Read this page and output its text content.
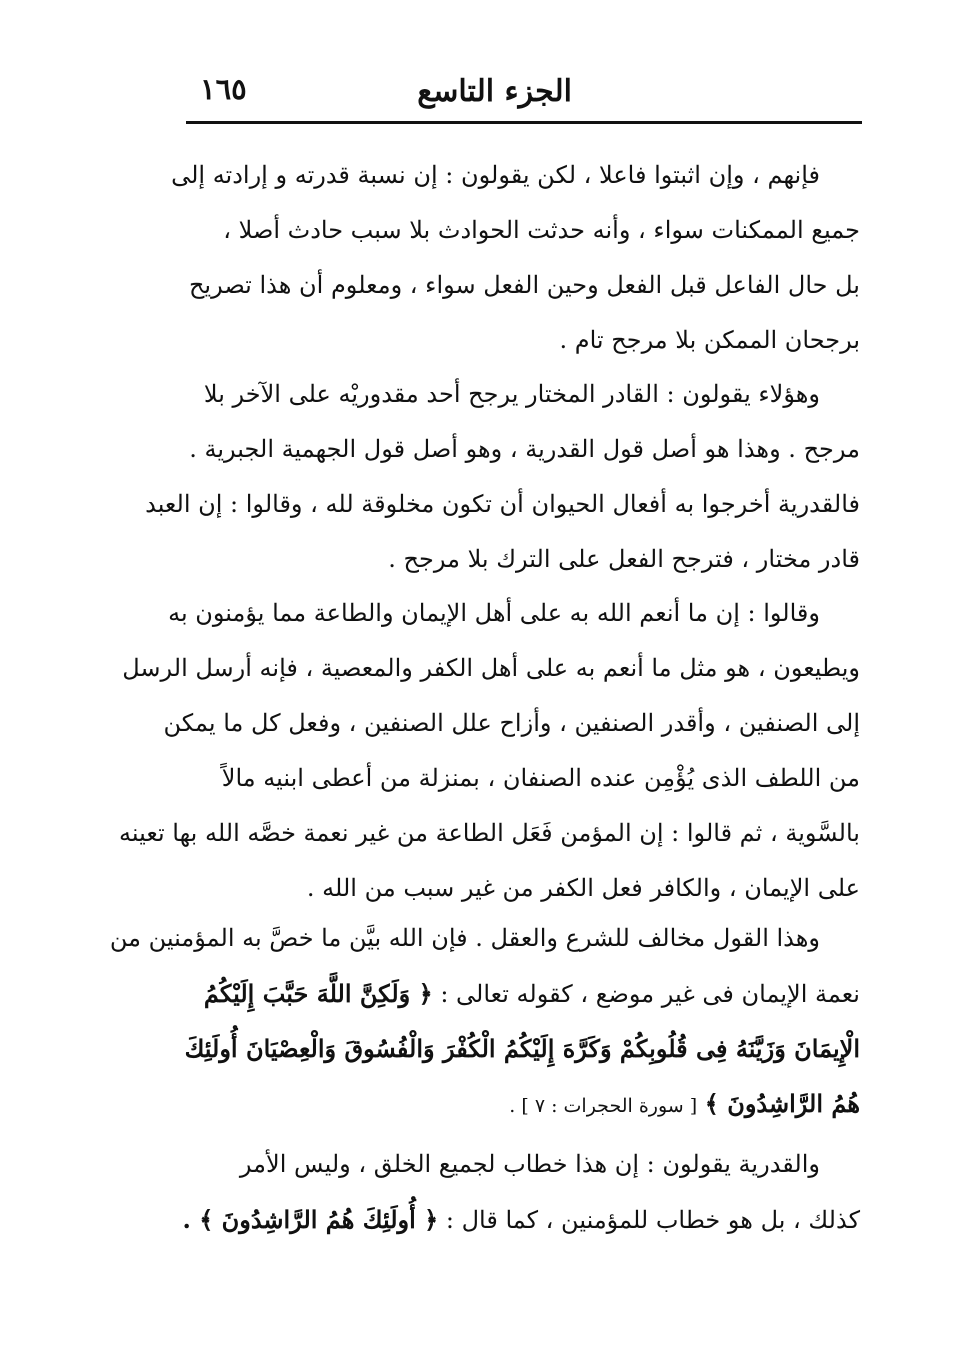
الجزء التاسع
١٦٥
فإنهم ، وإن اثبتوا فاعلا ، لكن يقولون : إن نسبة قدرته و إرادته إلى
جميع الممكنات سواء ، وأنه حدثت الحوادث بلا سبب حادث أصلا ،
بل حال الفاعل قبل الفعل وحين الفعل سواء ، ومعلوم أن هذا تصريح
برجحان الممكن بلا مرجح تام .
وهؤلاء يقولون : القادر المختار يرجح أحد مقدوريْه على الآخر بلا
مرجح . وهذا هو أصل قول القدرية ، وهو أصل قول الجهمية الجبرية .
فالقدرية أخرجوا به أفعال الحيوان أن تكون مخلوقة لله ، وقالوا : إن العبد
قادر مختار ، فترجح الفعل على الترك بلا مرجح .
وقالوا : إن ما أنعم الله به على أهل الإيمان والطاعة مما يؤمنون به
ويطيعون ، هو مثل ما أنعم به على أهل الكفر والمعصية ، فإنه أرسل الرسل
إلى الصنفين ، وأقدر الصنفين ، وأزاح علل الصنفين ، وفعل كل ما يمكن
من اللطف الذى يُؤْمِن عنده الصنفان ، بمنزلة من أعطى ابنيه مالاً
بالسَّوية ، ثم قالوا : إن المؤمن فَعَل الطاعة من غير نعمة خصَّه الله بها تعينه
على الإيمان ، والكافر فعل الكفر من غير سبب من الله .
وهذا القول مخالف للشرع والعقل . فإن الله بيَّن ما خصَّ به المؤمنين من
نعمة الإيمان فى غير موضع ، كقوله تعالى : ﴿ وَلَكِنَّ اللَّهَ حَبَّبَ إِلَيْكُمُ
الْإِيمَانَ وَزَيَّنَهُ فِى قُلُوبِكُمْ وَكَرَّهَ إِلَيْكُمُ الْكُفْرَ وَالْفُسُوقَ وَالْعِصْيَانَ أُولَئِكَ
هُمُ الرَّاشِدُونَ ﴾ [ سورة الحجرات : ٧ ] .
والقدرية يقولون : إن هذا خطاب لجميع الخلق ، وليس الأمر
كذلك ، بل هو خطاب للمؤمنين ، كما قال : ﴿ أُولَئِكَ هُمُ الرَّاشِدُونَ ﴾ .
